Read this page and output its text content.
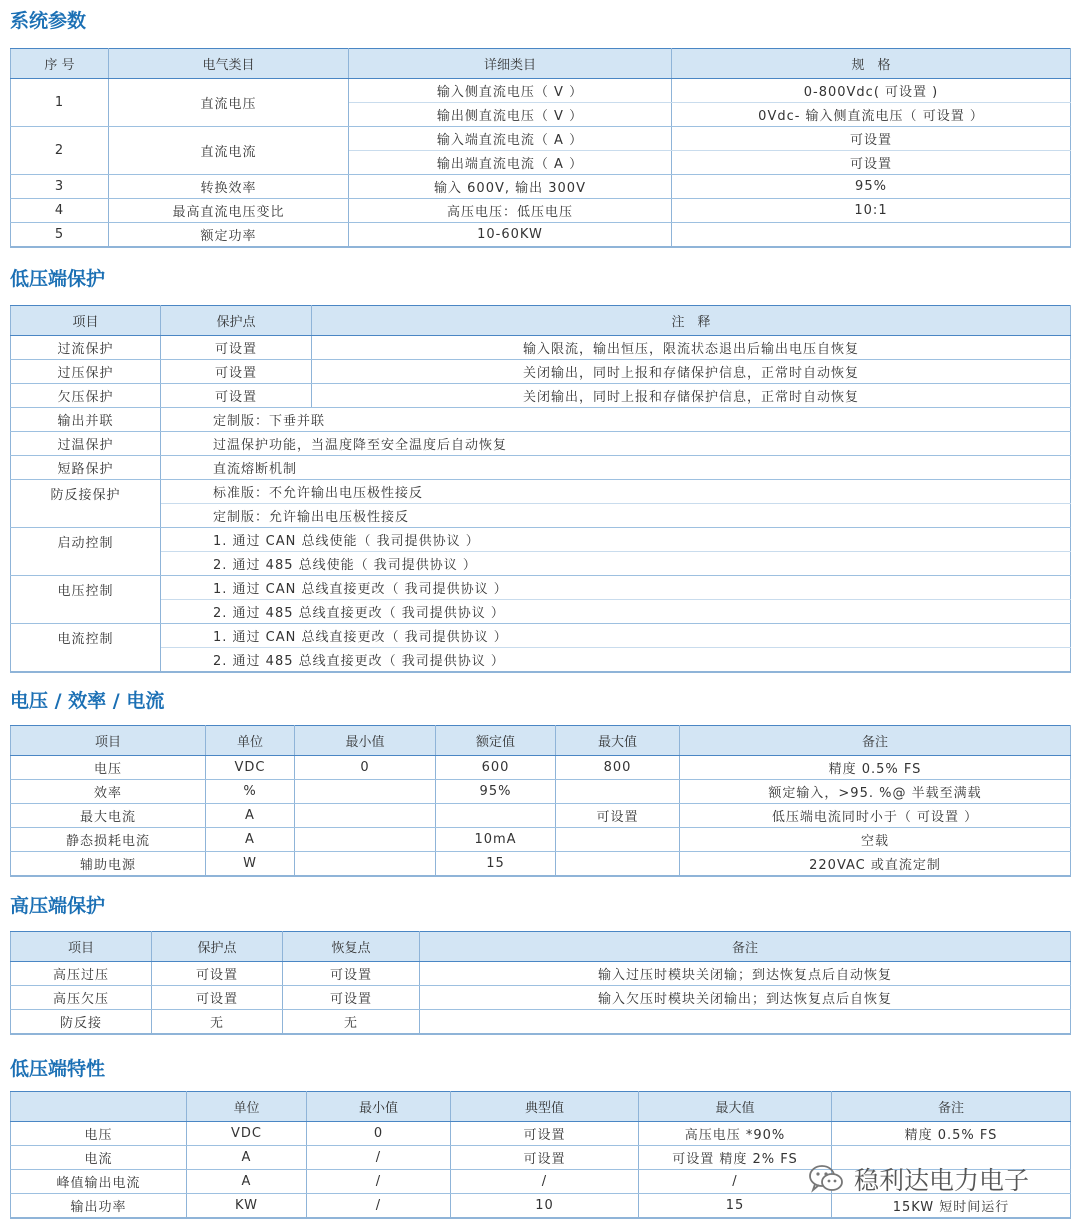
系统参数
序 号	电气类目	详细类目	规　格
1	直流电压	输入侧直流电压（ V ）	0-800Vdc( 可设置 )
		输出侧直流电压（ V ）	0Vdc- 输入侧直流电压（ 可设置 ）
2	直流电流	输入端直流电流（ A ）	可设置
		输出端直流电流（ A ）	可设置
3	转换效率	输入 600V, 输出 300V	95%
4	最高直流电压变比	高压电压：低压电压	10:1
5	额定功率	10-60KW	
低压端保护
项目	保护点	注　释
过流保护	可设置	输入限流，输出恒压，限流状态退出后输出电压自恢复
过压保护	可设置	关闭输出，同时上报和存储保护信息，正常时自动恢复
欠压保护	可设置	关闭输出，同时上报和存储保护信息，正常时自动恢复
输出并联	定制版：下垂并联	
过温保护	过温保护功能，当温度降至安全温度后自动恢复	
短路保护	直流熔断机制	
防反接保护	标准版：不允许输出电压极性接反	
	定制版：允许输出电压极性接反	
启动控制	1. 通过 CAN 总线使能（ 我司提供协议 ）	
	2. 通过 485 总线使能（ 我司提供协议 ）	
电压控制	1. 通过 CAN 总线直接更改（ 我司提供协议 ）	
	2. 通过 485 总线直接更改（ 我司提供协议 ）	
电流控制	1. 通过 CAN 总线直接更改（ 我司提供协议 ）	
	2. 通过 485 总线直接更改（ 我司提供协议 ）	
电压 / 效率 / 电流
项目	单位	最小值	额定值	最大值	备注
电压	VDC	0	600	800	精度 0.5% FS
效率	%		95%		额定输入，>95. %@ 半载至满载
最大电流	A			可设置	低压端电流同时小于（ 可设置 ）
静态损耗电流	A		10mA		空载
辅助电源	W		15		220VAC 或直流定制
高压端保护
项目	保护点	恢复点	备注
高压过压	可设置	可设置	输入过压时模块关闭输；到达恢复点后自动恢复
高压欠压	可设置	可设置	输入欠压时模块关闭输出；到达恢复点后自恢复
防反接	无	无	
低压端特性
	单位	最小值	典型值	最大值	备注
电压	VDC	0	可设置	高压电压 *90%	精度 0.5% FS
电流	A	/	可设置	可设置 精度 2% FS	
峰值输出电流	A	/	/	/	
输出功率	KW	/	10	15	15KW 短时间运行
稳利达电力电子
